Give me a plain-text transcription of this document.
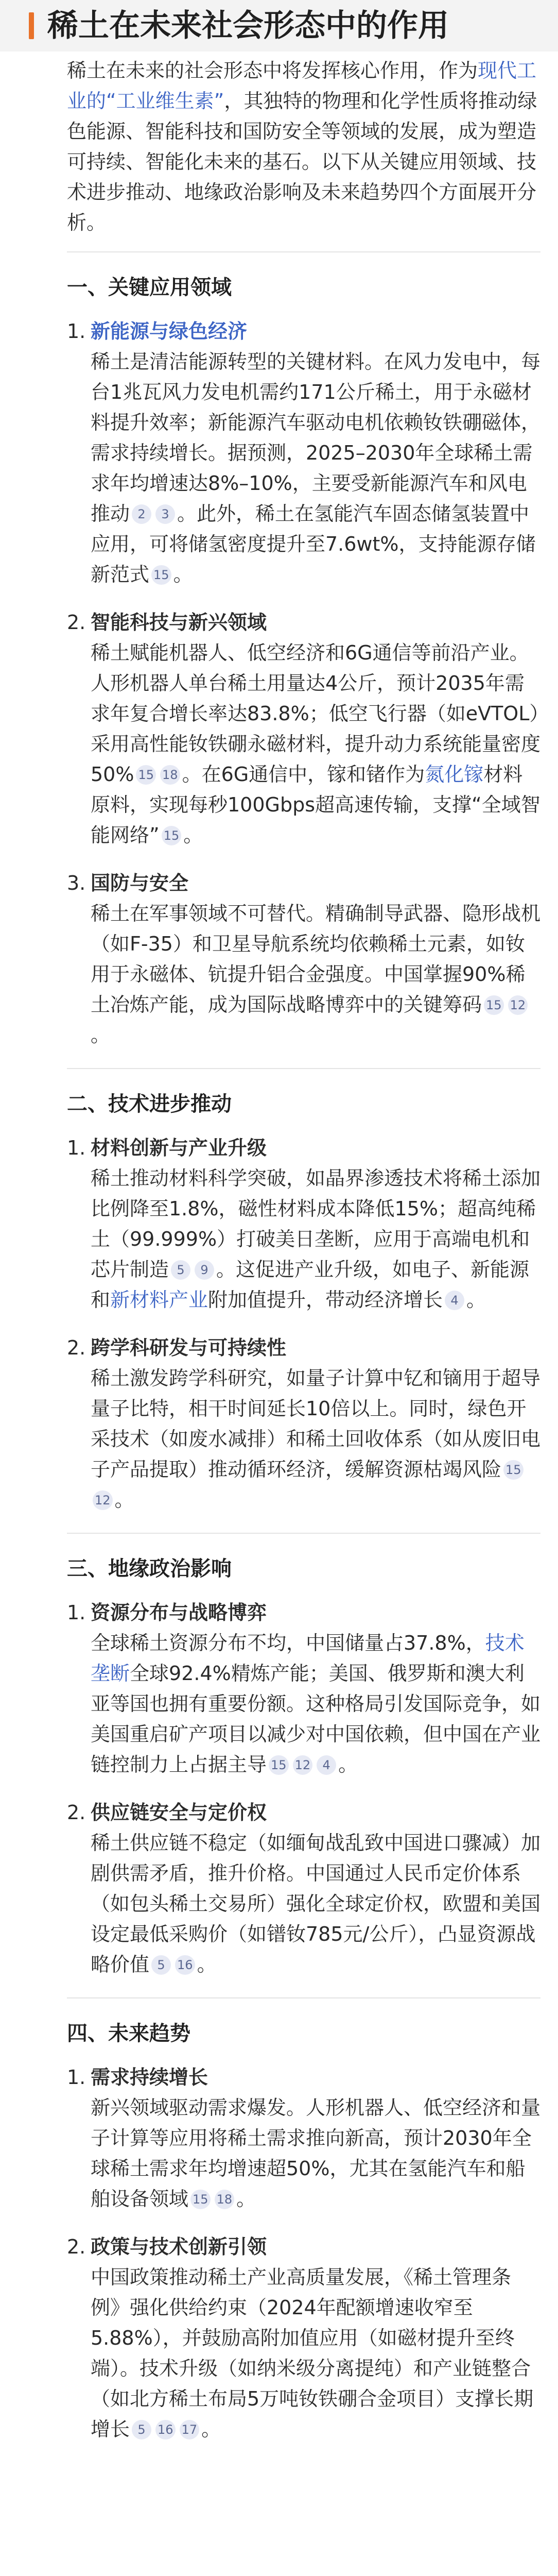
稀土在未来社会形态中的作用

稀土在未来的社会形态中将发挥核心作用，作为现代工业的“工业维生素”，其独特的物理和化学性质将推动绿色能源、智能科技和国防安全等领域的发展，成为塑造可持续、智能化未来的基石。以下从关键应用领域、技术进步推动、地缘政治影响及未来趋势四个方面展开分析。

一、关键应用领域
1. 新能源与绿色经济

稀土是清洁能源转型的关键材料。在风力发电中，每台1兆瓦风力发电机需约171公斤稀土，用于永磁材料提升效率；新能源汽车驱动电机依赖钕铁硼磁体，需求持续增长。据预测，2025–2030年全球稀土需求年均增速达8%–10%，主要受新能源汽车和风电推动 2 3 。此外，稀土在氢能汽车固态储氢装置中应用，可将储氢密度提升至7.6wt%，支持能源存储新范式 15 。

2. 智能科技与新兴领域

稀土赋能机器人、低空经济和6G通信等前沿产业。人形机器人单台稀土用量达4公斤，预计2035年需求年复合增长率达83.8%；低空飞行器（如eVTOL）采用高性能钕铁硼永磁材料，提升动力系统能量密度50% 15 18 。在6G通信中，镓和锗作为氮化镓材料原料，实现每秒100Gbps超高速传输，支撑“全域智能网络” 15 。

3. 国防与安全

稀土在军事领域不可替代。精确制导武器、隐形战机（如F-35）和卫星导航系统均依赖稀土元素，如钕用于永磁体、钪提升铝合金强度。中国掌握90%稀土冶炼产能，成为国际战略博弈中的关键筹码 15 12。

二、技术进步推动
1. 材料创新与产业升级

稀土推动材料科学突破，如晶界渗透技术将稀土添加比例降至1.8%，磁性材料成本降低15%；超高纯稀土（99.999%）打破美日垄断，应用于高端电机和芯片制造 5 9 。这促进产业升级，如电子、新能源和新材料产业附加值提升，带动经济增长 4 。

2. 跨学科研发与可持续性

稀土激发跨学科研究，如量子计算中钇和镝用于超导量子比特，相干时间延长10倍以上。同时，绿色开采技术（如废水减排）和稀土回收体系（如从废旧电子产品提取）推动循环经济，缓解资源枯竭风险 1512 。

三、地缘政治影响
1. 资源分布与战略博弈

全球稀土资源分布不均，中国储量占37.8%，技术垄断全球92.4%精炼产能；美国、俄罗斯和澳大利亚等国也拥有重要份额。这种格局引发国际竞争，如美国重启矿产项目以减少对中国依赖，但中国在产业链控制力上占据主导 15 12 4 。

2. 供应链安全与定价权

稀土供应链不稳定（如缅甸战乱致中国进口骤减）加剧供需矛盾，推升价格。中国通过人民币定价体系（如包头稀土交易所）强化全球定价权，欧盟和美国设定最低采购价（如镨钕785元/公斤），凸显资源战略价值 5 16 。

四、未来趋势
1. 需求持续增长

新兴领域驱动需求爆发。人形机器人、低空经济和量子计算等应用将稀土需求推向新高，预计2030年全球稀土需求年均增速超50%，尤其在氢能汽车和船舶设备领域 15 18 。

2. 政策与技术创新引领

中国政策推动稀土产业高质量发展，《稀土管理条例》强化供给约束（2024年配额增速收窄至5.88%），并鼓励高附加值应用（如磁材提升至终端）。技术升级（如纳米级分离提纯）和产业链整合（如北方稀土布局5万吨钕铁硼合金项目）支撑长期增长 5 16 17 。
